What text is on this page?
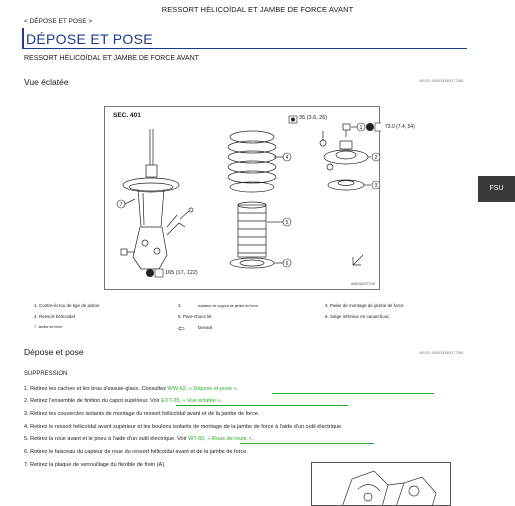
RESSORT HÉLICOÏDAL ET JAMBE DE FORCE AVANT
< DÉPOSE ET POSE >
DÉPOSE ET POSE
RESSORT HÉLICOÏDAL ET JAMBE DE FORCE AVANT
Vue éclatée	INFOID:0000000009177388
FSU
SEC. 401
4
5
6
2
3
7
1
35 (3.6, 26)
73.0 (7.4, 54)
165 (17, 122)
AWEIA0227GB
1. Contre-écrou de tige de piston	2.	Isolateur de support de jambe de force	3. Palier de montage de jambe de force
4. Ressort hélicoïdal	5. Pare-chocs lié	6. Siège inférieur en caoutchouc
7. Jambe de force	⇦	Devant
Dépose et pose	INFOID:0000000009177389
SUPPRESSION
1. Retirez les caches et les bras d'essuie-glace. Consultez WW-62, « Dépose et pose ».
2. Retirez l'ensemble de finition du capot supérieur. Voir EXT-25, « Vue éclatée ».
3. Retirez les couvercles isolants de montage du ressort hélicoïdal avant et de la jambe de force.
4. Retirez le ressort hélicoïdal avant supérieur et les boulons isolants de montage de la jambe de force à l'aide d'un outil électrique.
5. Retirez la roue avant et le pneu à l'aide d'un outil électrique. Voir WT-65, « Roue de route ».
6. Retirez le faisceau du capteur de roue du ressort hélicoïdal avant et de la jambe de force.
7. Retirez la plaque de verrouillage du flexible de frein (A).
